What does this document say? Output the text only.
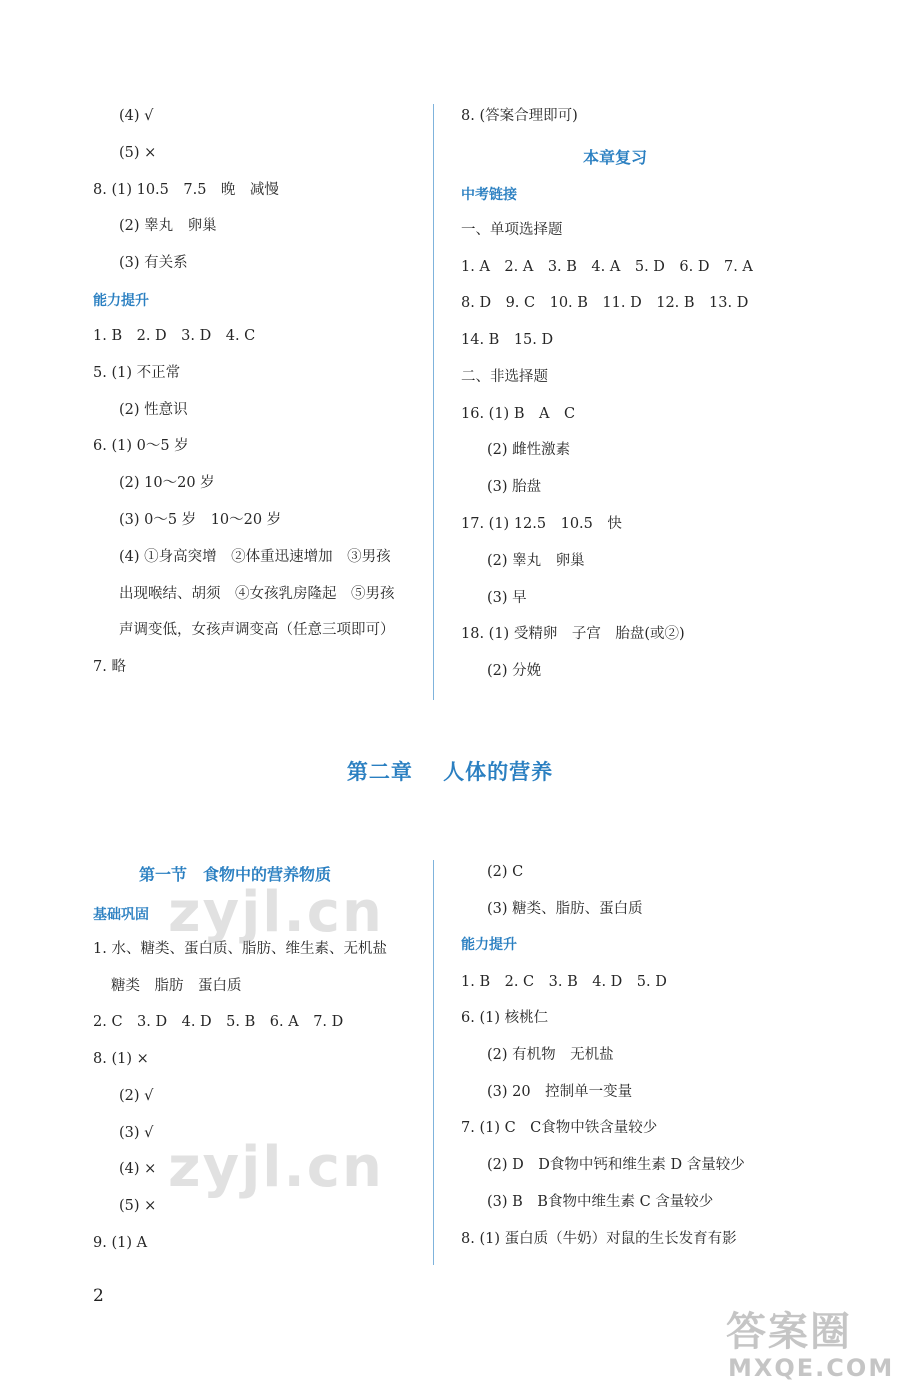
(4) √
(5) ×
8. (1) 10.5　7.5　晚　减慢
(2) 睾丸　卵巢
(3) 有关系
能力提升
1. B　2. D　3. D　4. C
5. (1) 不正常
(2) 性意识
6. (1) 0～5 岁
(2) 10～20 岁
(3) 0～5 岁　10～20 岁
(4) ①身高突增　②体重迅速增加　③男孩
出现喉结、胡须　④女孩乳房隆起　⑤男孩
声调变低，女孩声调变高（任意三项即可）
7. 略
8. (答案合理即可)
本章复习
中考链接
一、单项选择题
1. A　2. A　3. B　4. A　5. D　6. D　7. A
8. D　9. C　10. B　11. D　12. B　13. D
14. B　15. D
二、非选择题
16. (1) B　A　C
(2) 雌性激素
(3) 胎盘
17. (1) 12.5　10.5　快
(2) 睾丸　卵巢
(3) 早
18. (1) 受精卵　子宫　胎盘(或②)
(2) 分娩
第二章　 人体的营养
第一节　食物中的营养物质
基础巩固
1. 水、糖类、蛋白质、脂肪、维生素、无机盐
糖类　脂肪　蛋白质
2. C　3. D　4. D　5. B　6. A　7. D
8. (1) ×
(2) √
(3) √
(4) ×
(5) ×
9. (1) A
(2) C
(3) 糖类、脂肪、蛋白质
能力提升
1. B　2. C　3. B　4. D　5. D
6. (1) 核桃仁
(2) 有机物　无机盐
(3) 20　控制单一变量
7. (1) C　C食物中铁含量较少
(2) D　D食物中钙和维生素 D 含量较少
(3) B　B食物中维生素 C 含量较少
8. (1) 蛋白质（牛奶）对鼠的生长发育有影
zyjl.cn
zyjl.cn
2
答案圈
MXQE.COM
